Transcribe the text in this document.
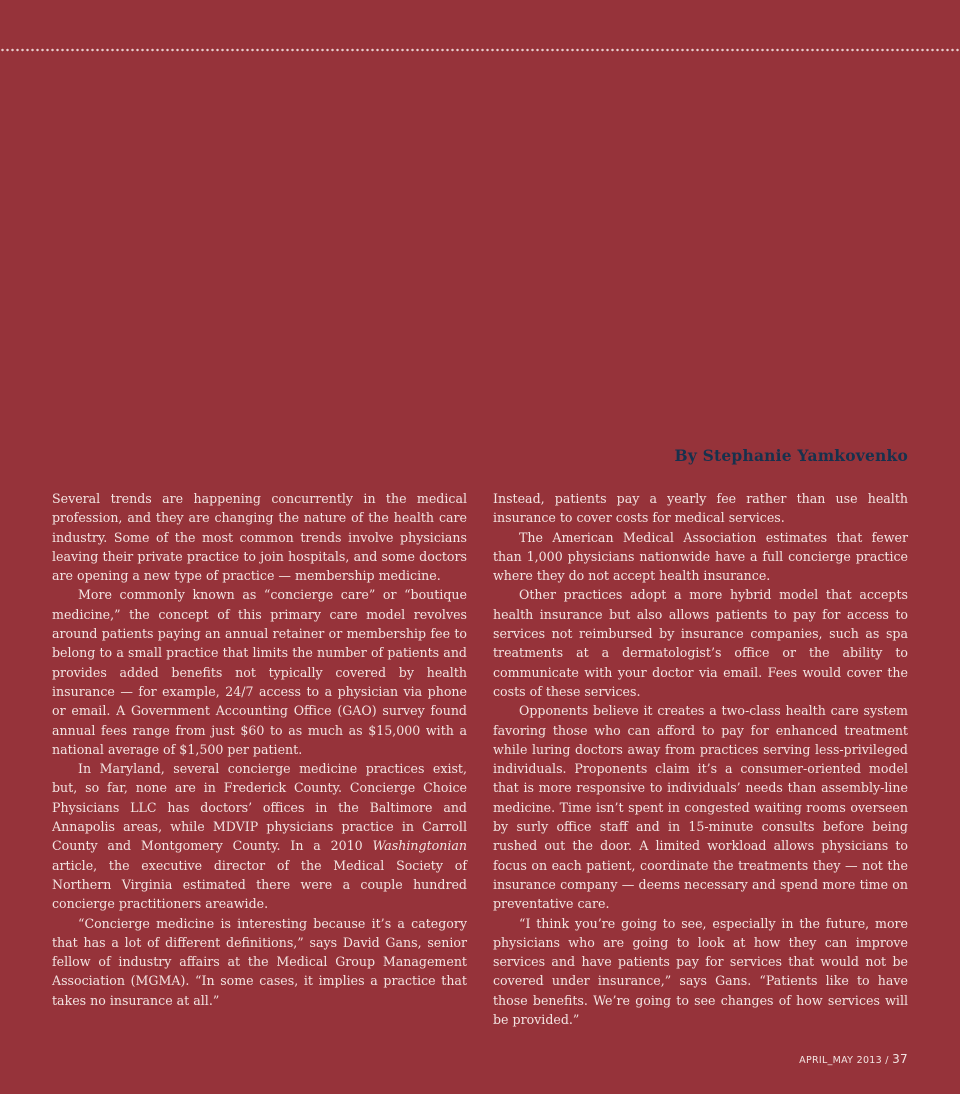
By Stephanie Yamkovenko

Several trends are happening concurrently in the medical profession, and they are changing the nature of the health care industry. Some of the most common trends involve physicians leaving their private practice to join hospitals, and some doctors are opening a new type of practice — membership medicine.

More commonly known as “concierge care” or “boutique medicine,” the concept of this primary care model revolves around patients paying an annual retainer or membership fee to belong to a small practice that limits the number of patients and provides added benefits not typically covered by health insurance — for example, 24/7 access to a physician via phone or email. A Government Accounting Office (GAO) survey found annual fees range from just $60 to as much as $15,000 with a national average of $1,500 per patient.

In Maryland, several concierge medicine practices exist, but, so far, none are in Frederick County. Concierge Choice Physicians LLC has doctors’ offices in the Baltimore and Annapolis areas, while MDVIP physicians practice in Carroll County and Montgomery County. In a 2010 Washingtonian article, the executive director of the Medical Society of Northern Virginia estimated there were a couple hundred concierge practitioners areawide.

“Concierge medicine is interesting because it’s a category that has a lot of different definitions,” says David Gans, senior fellow of industry affairs at the Medical Group Management Association (MGMA). “In some cases, it implies a practice that takes no insurance at all.”

Instead, patients pay a yearly fee rather than use health insurance to cover costs for medical services.

The American Medical Association estimates that fewer than 1,000 physicians nationwide have a full concierge practice where they do not accept health insurance.

Other practices adopt a more hybrid model that accepts health insurance but also allows patients to pay for access to services not reimbursed by insurance companies, such as spa treatments at a dermatologist’s office or the ability to communicate with your doctor via email. Fees would cover the costs of these services.

Opponents believe it creates a two-class health care system favoring those who can afford to pay for enhanced treatment while luring doctors away from practices serving less-privileged individuals. Proponents claim it’s a consumer-oriented model that is more responsive to individuals’ needs than assembly-line medicine. Time isn’t spent in congested waiting rooms overseen by surly office staff and in 15-minute consults before being rushed out the door. A limited workload allows physicians to focus on each patient, coordinate the treatments they — not the insurance company — deems necessary and spend more time on preventative care.

“I think you’re going to see, especially in the future, more physicians who are going to look at how they can improve services and have patients pay for services that would not be covered under insurance,” says Gans. “Patients like to have those benefits. We’re going to see changes of how services will be provided.”

APRIL_MAY 2013 / 37
